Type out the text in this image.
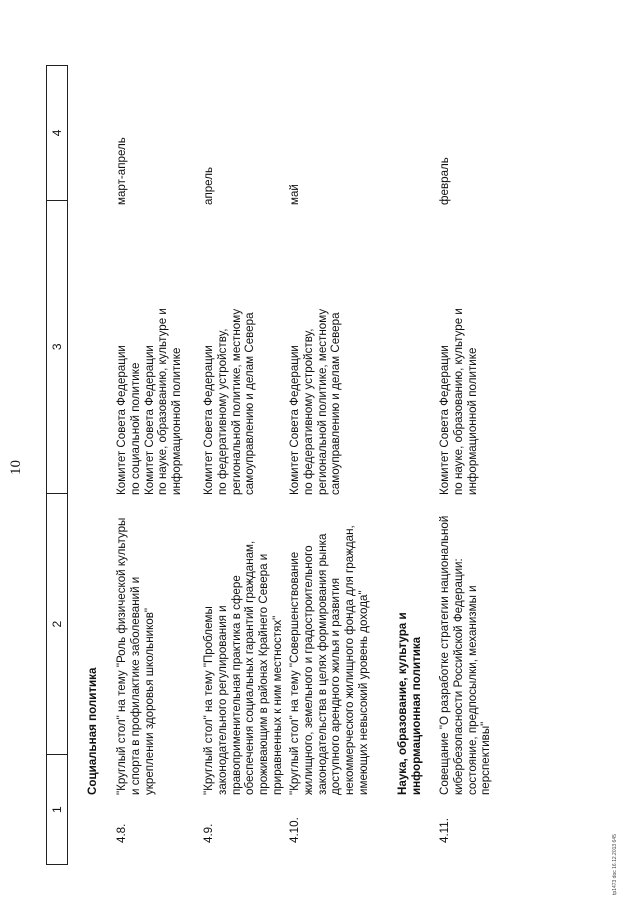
10
1
2
3
4
Социальная политика
4.8.
"Круглый стол" на тему "Роль физической культуры и спорта в профилактике заболеваний и укреплении здоровья школьников"
Комитет Совета Федерации по социальной политике Комитет Совета Федерации по науке, образованию, культуре и информационной политике
март-апрель
4.9.
"Круглый стол" на тему "Проблемы законодательного регулирования и правоприменительная практика в сфере обеспечения социальных гарантий гражданам, проживающим в районах Крайнего Севера и приравненных к ним местностях"
Комитет Совета Федерации по федеративному устройству, региональной политике, местному самоуправлению и делам Севера
апрель
4.10.
"Круглый стол" на тему "Совершенствование жилищного, земельного и градостроительного законодательства в целях формирования рынка доступного арендного жилья и развития некоммерческого жилищного фонда для граждан, имеющих невысокий уровень дохода"
Комитет Совета Федерации по федеративному устройству, региональной политике, местному самоуправлению и делам Севера
май
Наука, образование, культура и информационная политика
4.11.
Совещание "О разработке стратегии национальной кибербезопасности Российской Федерации: состояние, предпосылки, механизмы и перспективы"
Комитет Совета Федерации по науке, образованию, культуре и информационной политике
февраль
tp1473 doc 16.12.2013 645
